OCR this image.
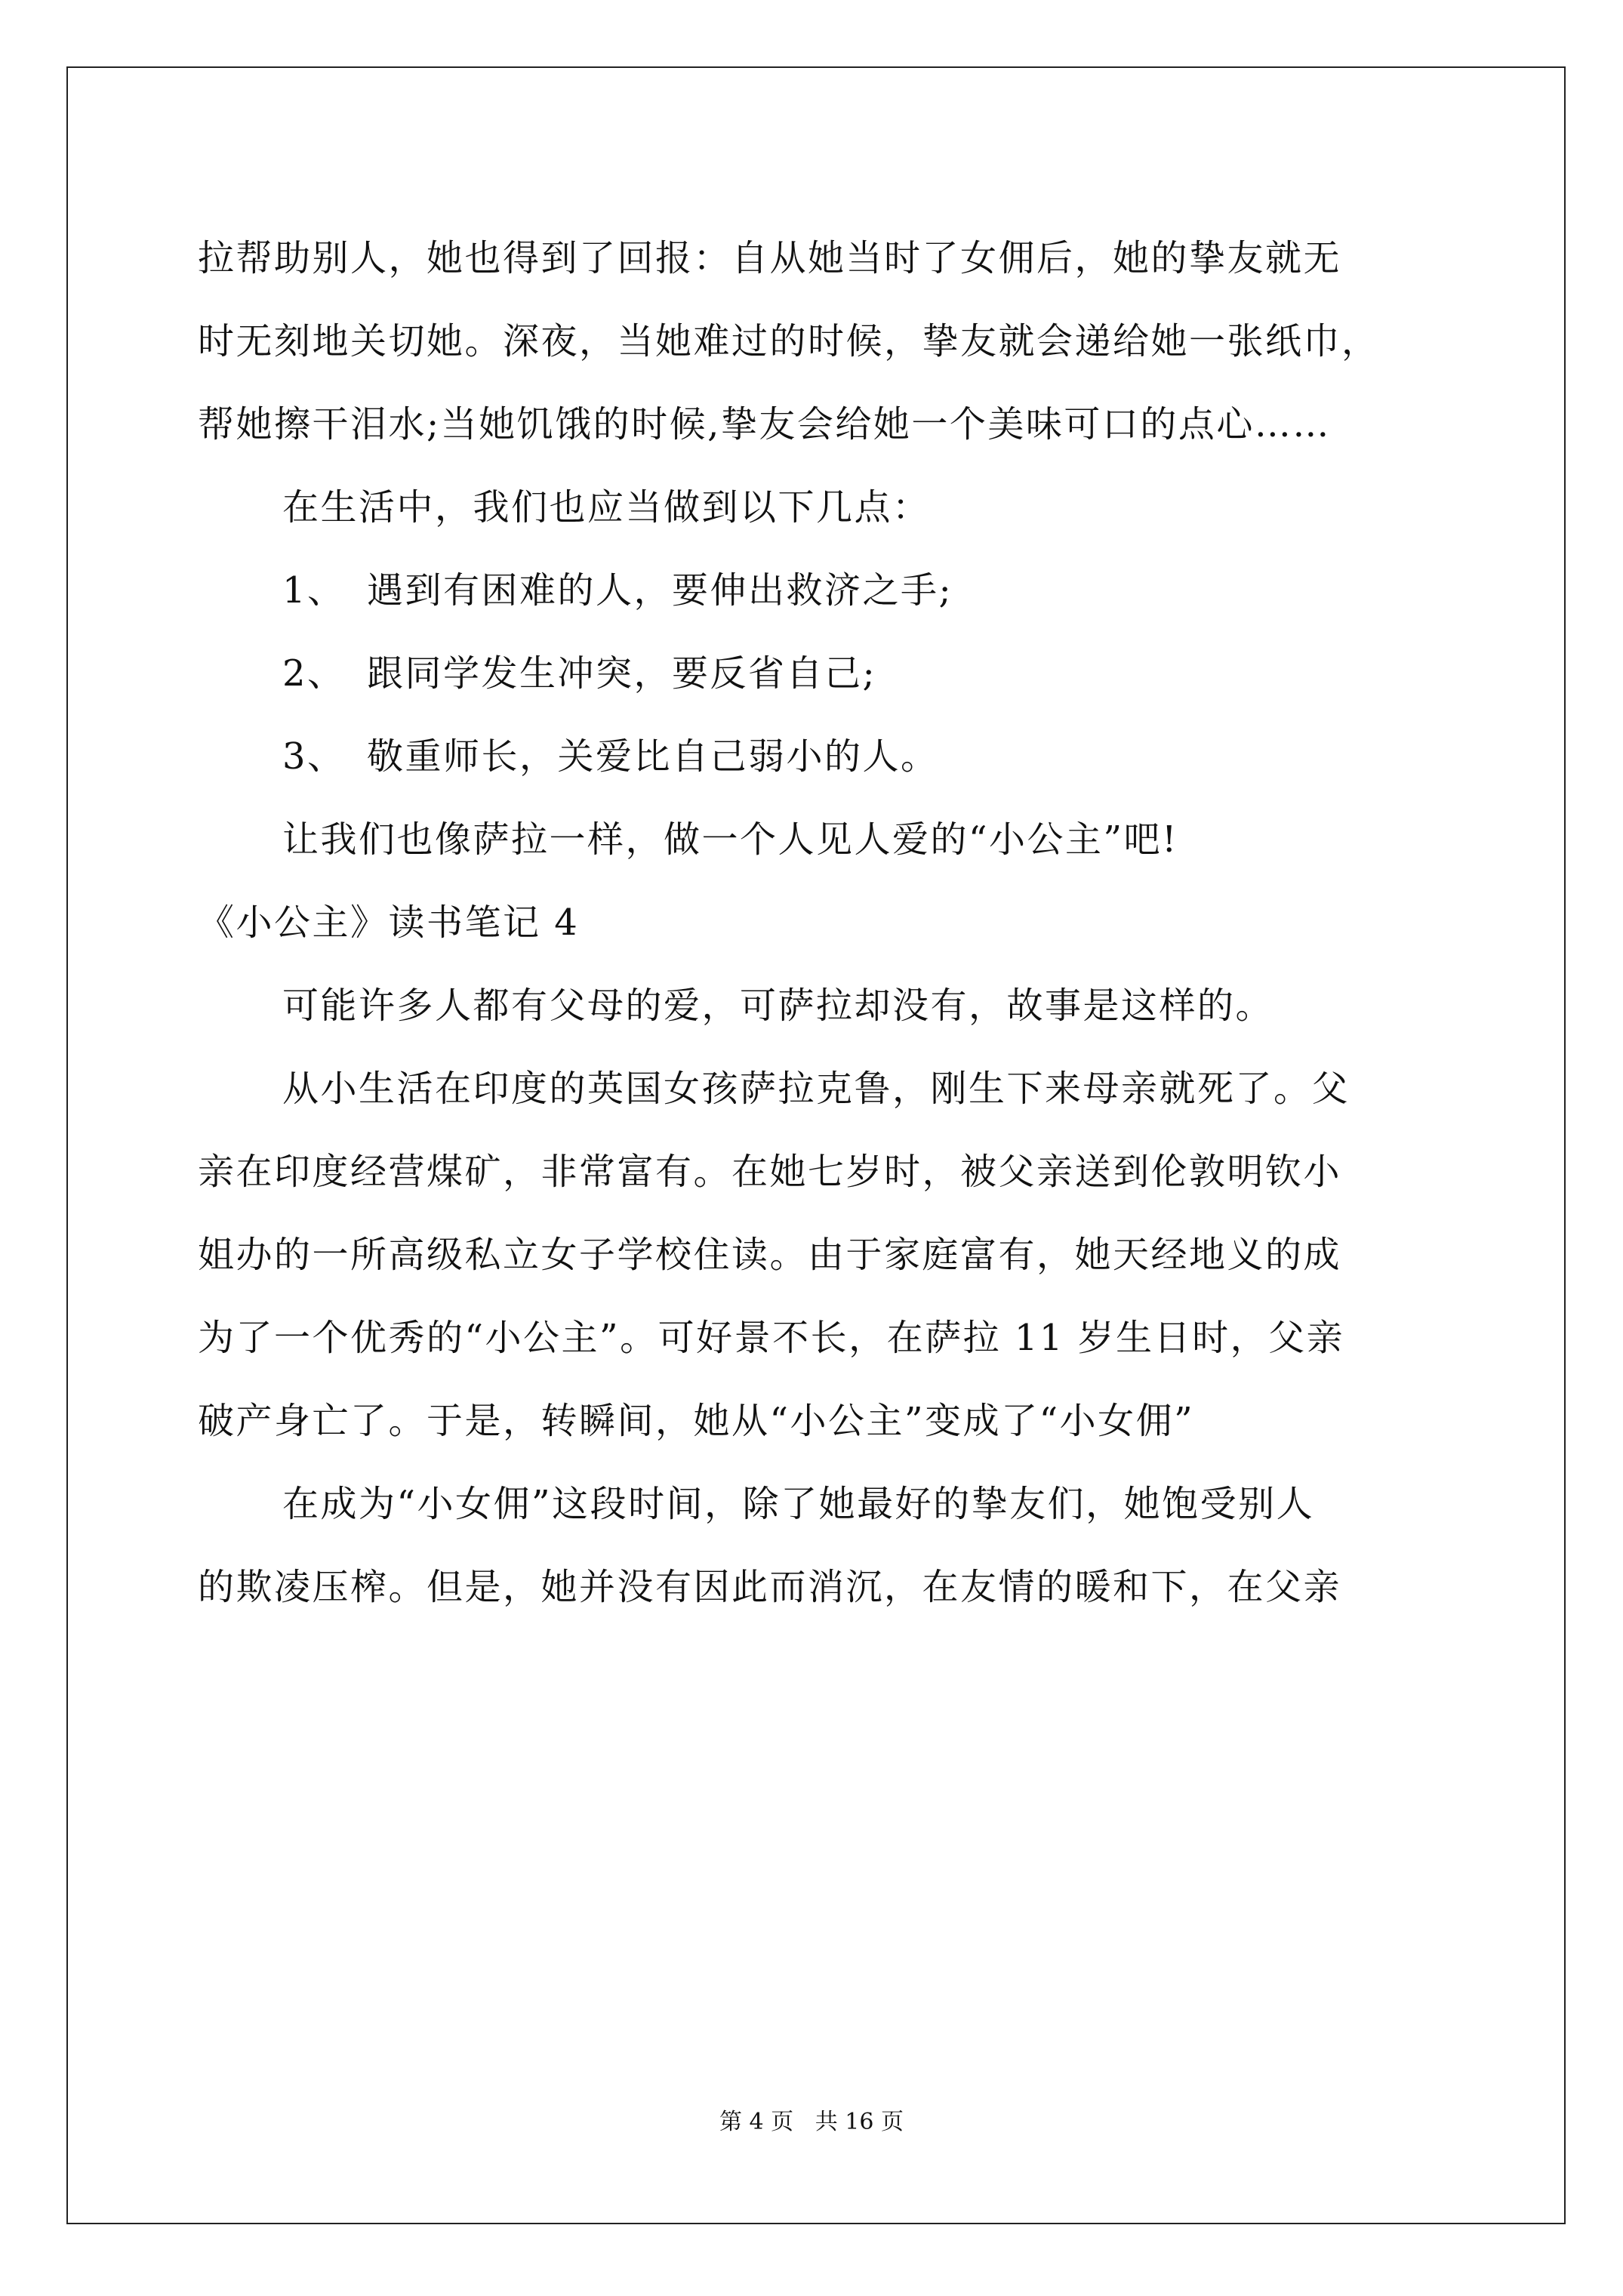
拉帮助别人，她也得到了回报：自从她当时了女佣后，她的挚友就无
时无刻地关切她。深夜，当她难过的时候，挚友就会递给她一张纸巾，
帮她擦干泪水;当她饥饿的时候,挚友会给她一个美味可口的点心……
在生活中，我们也应当做到以下几点：
1、 遇到有困难的人，要伸出救济之手;
2、 跟同学发生冲突，要反省自己;
3、 敬重师长，关爱比自己弱小的人。
让我们也像萨拉一样，做一个人见人爱的“小公主”吧!
《小公主》读书笔记 4
可能许多人都有父母的爱，可萨拉却没有，故事是这样的。
从小生活在印度的英国女孩萨拉克鲁，刚生下来母亲就死了。父
亲在印度经营煤矿，非常富有。在她七岁时，被父亲送到伦敦明钦小
姐办的一所高级私立女子学校住读。由于家庭富有，她天经地义的成
为了一个优秀的“小公主”。可好景不长，在萨拉 11 岁生日时，父亲
破产身亡了。于是，转瞬间，她从“小公主”变成了“小女佣”
在成为“小女佣”这段时间，除了她最好的挚友们，她饱受别人
的欺凌压榨。但是，她并没有因此而消沉，在友情的暖和下，在父亲
第 4 页   共 16 页
